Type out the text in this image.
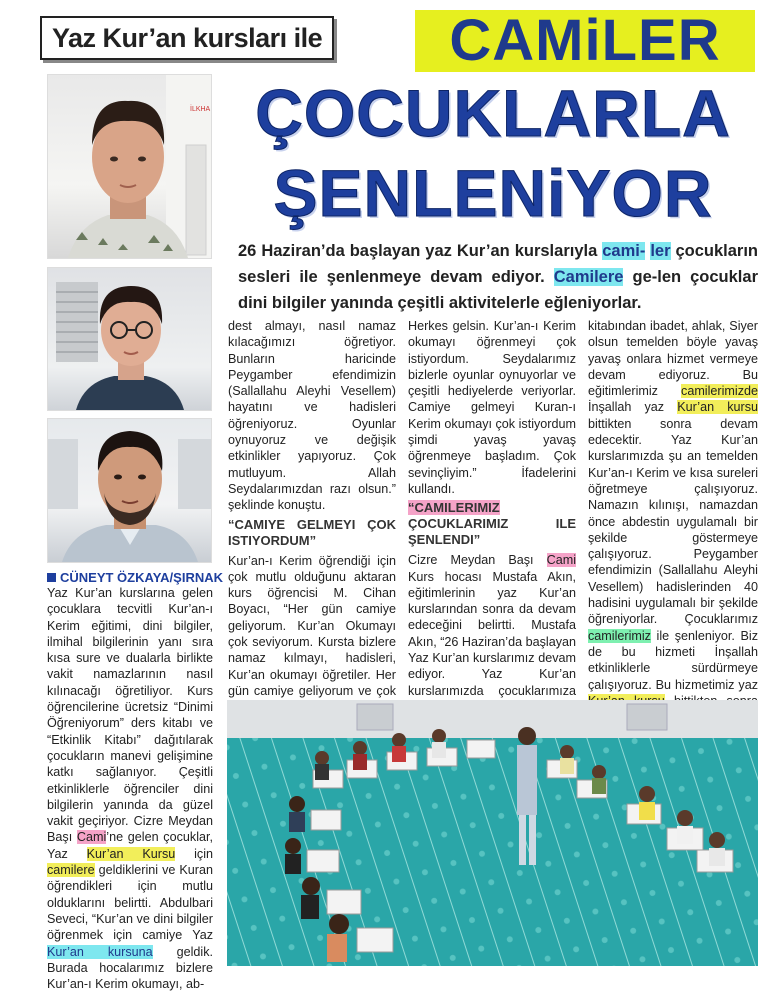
Yaz Kur’an kursları ile	CAMiLER
ÇOCUKLARLA
ŞENLENiYOR
İLKHA
26 Haziran’da başlayan yaz Kur’an kurslarıyla cami- ler çocukların sesleri ile şenlenmeye devam ediyor. Camilere ge-len çocuklar dini bilgiler yanında çeşitli aktivitelerle eğleniyorlar.
CÜNEYT ÖZKAYA/ŞIRNAK

Yaz Kur’an kurslarına gelen çocuklara tecvitli Kur’an-ı Kerim eğitimi, dini bilgiler, ilmihal bilgilerinin yanı sıra kısa sure ve dualarla birlikte vakit namazlarının nasıl kılınacağı öğretiliyor. Kurs öğrencilerine ücretsiz “Dinimi Öğreniyorum” ders kitabı ve “Etkinlik Kitabı” dağıtılarak çocukların manevi gelişimine katkı sağlanıyor. Çeşitli etkinliklerle öğrenciler dini bilgilerin yanında da güzel vakit geçiriyor. Cizre Meydan Başı Cami’ne gelen çocuklar, Yaz Kur’an Kursu için camilere geldiklerini ve Kuran öğrendikleri için mutlu olduklarını belirtti. Abdulbari Seveci, “Kur’an ve dini bilgiler öğrenmek için camiye Yaz Kur’an kursuna geldik. Burada hocalarımız bizlere Kur’an-ı Kerim okumayı, ab-

dest almayı, nasıl namaz kılacağımızı öğretiyor. Bunların haricinde Peygamber efendimizin (Sallallahu Aleyhi Vesellem) hayatını ve hadisleri öğreniyoruz. Oyunlar oynuyoruz ve değişik etkinlikler yapıyoruz. Çok mutluyum. Allah Seydalarımızdan razı olsun.” şeklinde konuştu.

“CAMIYE GELMEYI ÇOK ISTIYORDUM”

Kur’an-ı Kerim öğrendiği için çok mutlu olduğunu aktaran kurs öğrencisi M. Cihan Boyacı, “Her gün camiye geliyorum. Kur’an Okumayı çok seviyorum. Kursta bizlere namaz kılmayı, hadisleri, Kur’an okumayı öğretiler. Her gün camiye geliyorum ve çok

Herkes gelsin. Kur’an-ı Kerim okumayı öğrenmeyi çok istiyordum. Seydalarımız bizlerle oyunlar oynuyorlar ve çeşitli hediyelerde veriyorlar. Camiye gelmeyi Kuran-ı Kerim okumayı çok istiyordum şimdi yavaş yavaş öğrenmeye başladım. Çok sevinçliyim.” İfadelerini kullandı.

“CAMILERIMIZ ÇOCUKLARIMIZ ILE ŞENLENDI”

Cizre Meydan Başı Cami Kurs hocası Mustafa Akın, eğitimlerinin yaz Kur’an kurslarından sonra da devam edeceğini belirtti. Mustafa Akın, “26 Haziran’da başlayan Yaz Kur’an kurslarımız devam ediyor. Yaz Kur’an kurslarımızda çocuklarımıza

kitabından ibadet, ahlak, Siyer olsun temelden böyle yavaş yavaş onlara hizmet vermeye devam ediyoruz. Bu eğitimlerimiz camilerimizde İnşallah yaz Kur’an kursu bittikten sonra devam edecektir. Yaz Kur’an kurslarımızda şu an temelden Kur’an-ı Kerim ve kısa sureleri öğretmeye çalışıyoruz. Namazın kılınışı, namazdan önce abdestin uygulamalı bir şekilde göstermeye çalışıyoruz. Peygamber efendimizin (Sallallahu Aleyhi Vesellem) hadislerinden 40 hadisini uygulamalı bir şekilde öğreniyorlar. Çocuklarımız camilerimiz ile şenleniyor. Biz de bu hizmeti İnşallah etkinliklerle sürdürmeye çalışıyoruz. Bu hizmetimiz yaz
